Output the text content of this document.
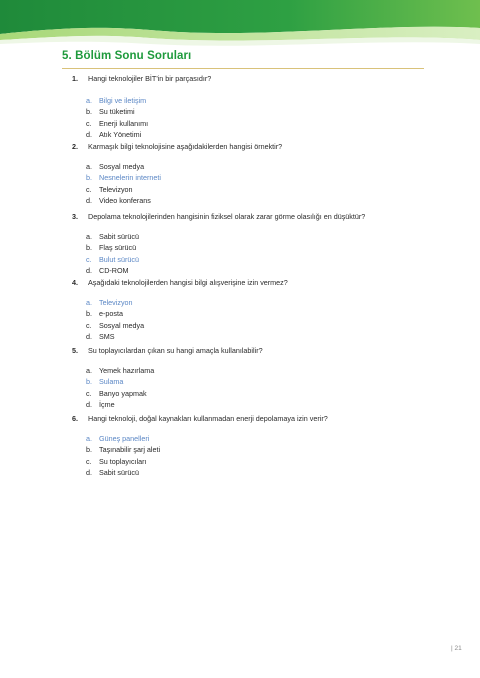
5. Bölüm Sonu Soruları
1.	Hangi teknolojiler BİT'in bir parçasıdır?
a. Bilgi ve iletişim
b. Su tüketimi
c.	Enerji kullanımı
d. Atık Yönetimi
2.	Karmaşık bilgi teknolojisine aşağıdakilerden hangisi örnektir?
a. Sosyal medya
b. Nesnelerin interneti
c.	Televizyon
d. Video konferans
3.	Depolama teknolojilerinden hangisinin fiziksel olarak zarar görme olasılığı en düşüktür?
a. Sabit sürücü
b. Flaş sürücü
c.	Bulut sürücü
d. CD-ROM
4.	Aşağıdaki teknolojilerden hangisi bilgi alışverişine izin vermez?
a. Televizyon
b. e-posta
c.	Sosyal medya
d. SMS
5.	Su toplayıcılardan çıkan su hangi amaçla kullanılabilir?
a. Yemek hazırlama
b. Sulama
c.	Banyo yapmak
d. İçme
6.	Hangi teknoloji, doğal kaynakları kullanmadan enerji depolamaya izin verir?
a. Güneş panelleri
b. Taşınabilir şarj aleti
c.	Su toplayıcıları
d. Sabit sürücü
| 21
